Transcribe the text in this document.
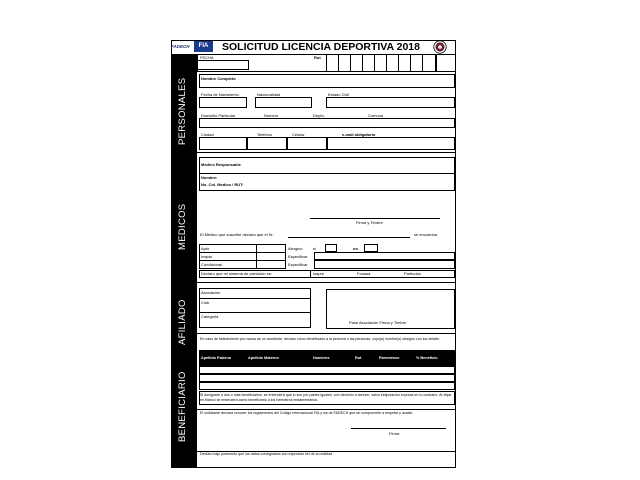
FADECH	FIA	SOLICITUD LICENCIA DEPORTIVA 2018
PERSONALES
MEDICOS
AFILIADO
BENEFICIARIO
FECHA	Rut
Nombre Completo
Fecha de Nacimiento	Nacionalidad	Estado Civil
Domicilio Particular	Número	Depto.	Comuna
Ciudad	Teléfono	Celular	e-mail obligatorio
Medico Responsable
Nombre:
No. Col. Medico / RUT:
Firma y Timbre
El Médico que suscribe declara que el Sr.	se encuentra
Apto
Inapto
Condicional
Alergico	si	no
Especificar
Especificar
Declaro que mi sistema de previsión es:	Isapre	Fonasa	Particular
Asociación
Club
Categoria
Pase Asociación Firma y Timbre
En caso de fallecimiento por causa de un accidente, declaro como beneficiario a la persona o las personas, cuyo(s) nombre(s) designo con los detalle:
Apellido Paterno	Apellido Materno	Nombres	Rut	Parentesco	% Beneficio
Si designare a dos o más beneficiarios, se entenderá que lo son por partes iguales, con derecho a acrecer, salvo estipulación expresa en lo contrario. Al dejar en blanco se entenderá como beneficiario a los herederos testamentarios.
El solicitante declara conocer los reglamentos del Código Internacional FIA y los de FADECH que se compromete a respetar y acatar.
Firma
Declaro bajo juramento que los datos consignados son expresión fiel de la realidad
